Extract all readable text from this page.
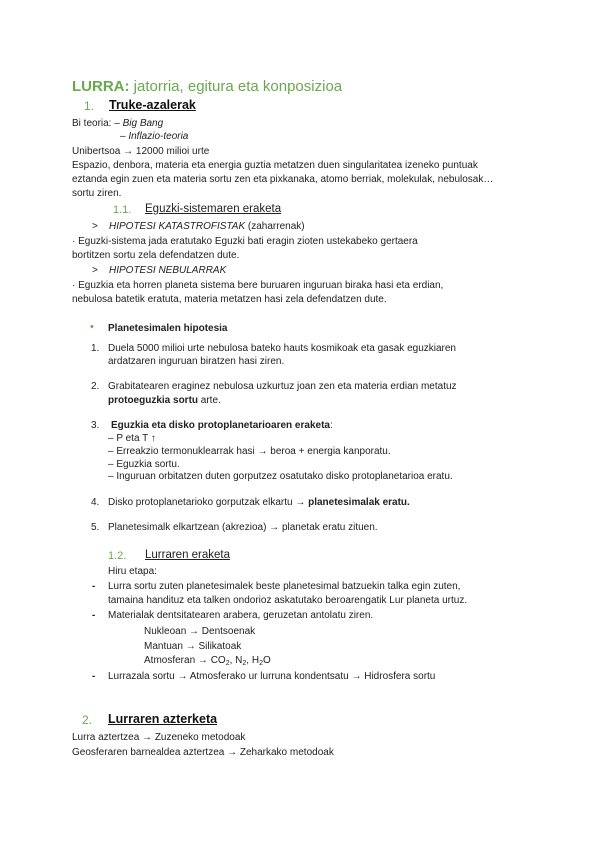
LURRA: jatorria, egitura eta konposizioa
1. Truke-azalerak
Bi teoria: – Big Bang
– Inflazio-teoria
Unibertsoa → 12000 milioi urte
Espazio, denbora, materia eta energia guztia metatzen duen singularitatea izeneko puntuak
eztanda egin zuen eta materia sortu zen eta pixkanaka, atomo berriak, molekulak, nebulosak…
sortu ziren.
1.1. Eguzki-sistemaren eraketa
> HIPOTESI KATASTROFISTAK (zaharrenak)
· Eguzki-sistema jada eratutako Eguzki bati eragin zioten ustekabeko gertaera
bortitzen sortu zela defendatzen dute.
> HIPOTESI NEBULARRAK
· Eguzkia eta horren planeta sistema bere buruaren inguruan biraka hasi eta erdian,
nebulosa batetik eratuta, materia metatzen hasi zela defendatzen dute.
• Planetesimalen hipotesia
1. Duela 5000 milioi urte nebulosa bateko hauts kosmikoak eta gasak eguzkiaren
ardatzaren inguruan biratzen hasi ziren.
2. Grabitatearen eraginez nebulosa uzkurtuz joan zen eta materia erdian metatuz
protoeguzkia sortu arte.
3. Eguzkia eta disko protoplanetarioaren eraketa:
– P eta T ↑
– Erreakzio termonuklearrak hasi → beroa + energia kanporatu.
– Eguzkia sortu.
– Inguruan orbitatzen duten gorputzez osatutako disko protoplanetarioa eratu.
4. Disko protoplanetarioko gorputzak elkartu → planetesimalak eratu.
5. Planetesimalk elkartzean (akrezioa) → planetak eratu zituen.
1.2. Lurraren eraketa
Hiru etapa:
- Lurra sortu zuten planetesimalek beste planetesimal batzuekin talka egin zuten,
tamaina handituz eta talken ondorioz askatutako beroarengatik Lur planeta urtuz.
- Materialak dentsitatearen arabera, geruzetan antolatu ziren.
Nukleoan → Dentsoenak
Mantuan → Silikatoak
Atmosferan → $CO_2$, $N_2$, $H_2O$
- Lurrazala sortu → Atmosferako ur lurruna kondentsatu → Hidrosfera sortu
2. Lurraren azterketa
Lurra aztertzea → Zuzeneko metodoak
Geosferaren barnealdea aztertzea → Zeharkako metodoak
